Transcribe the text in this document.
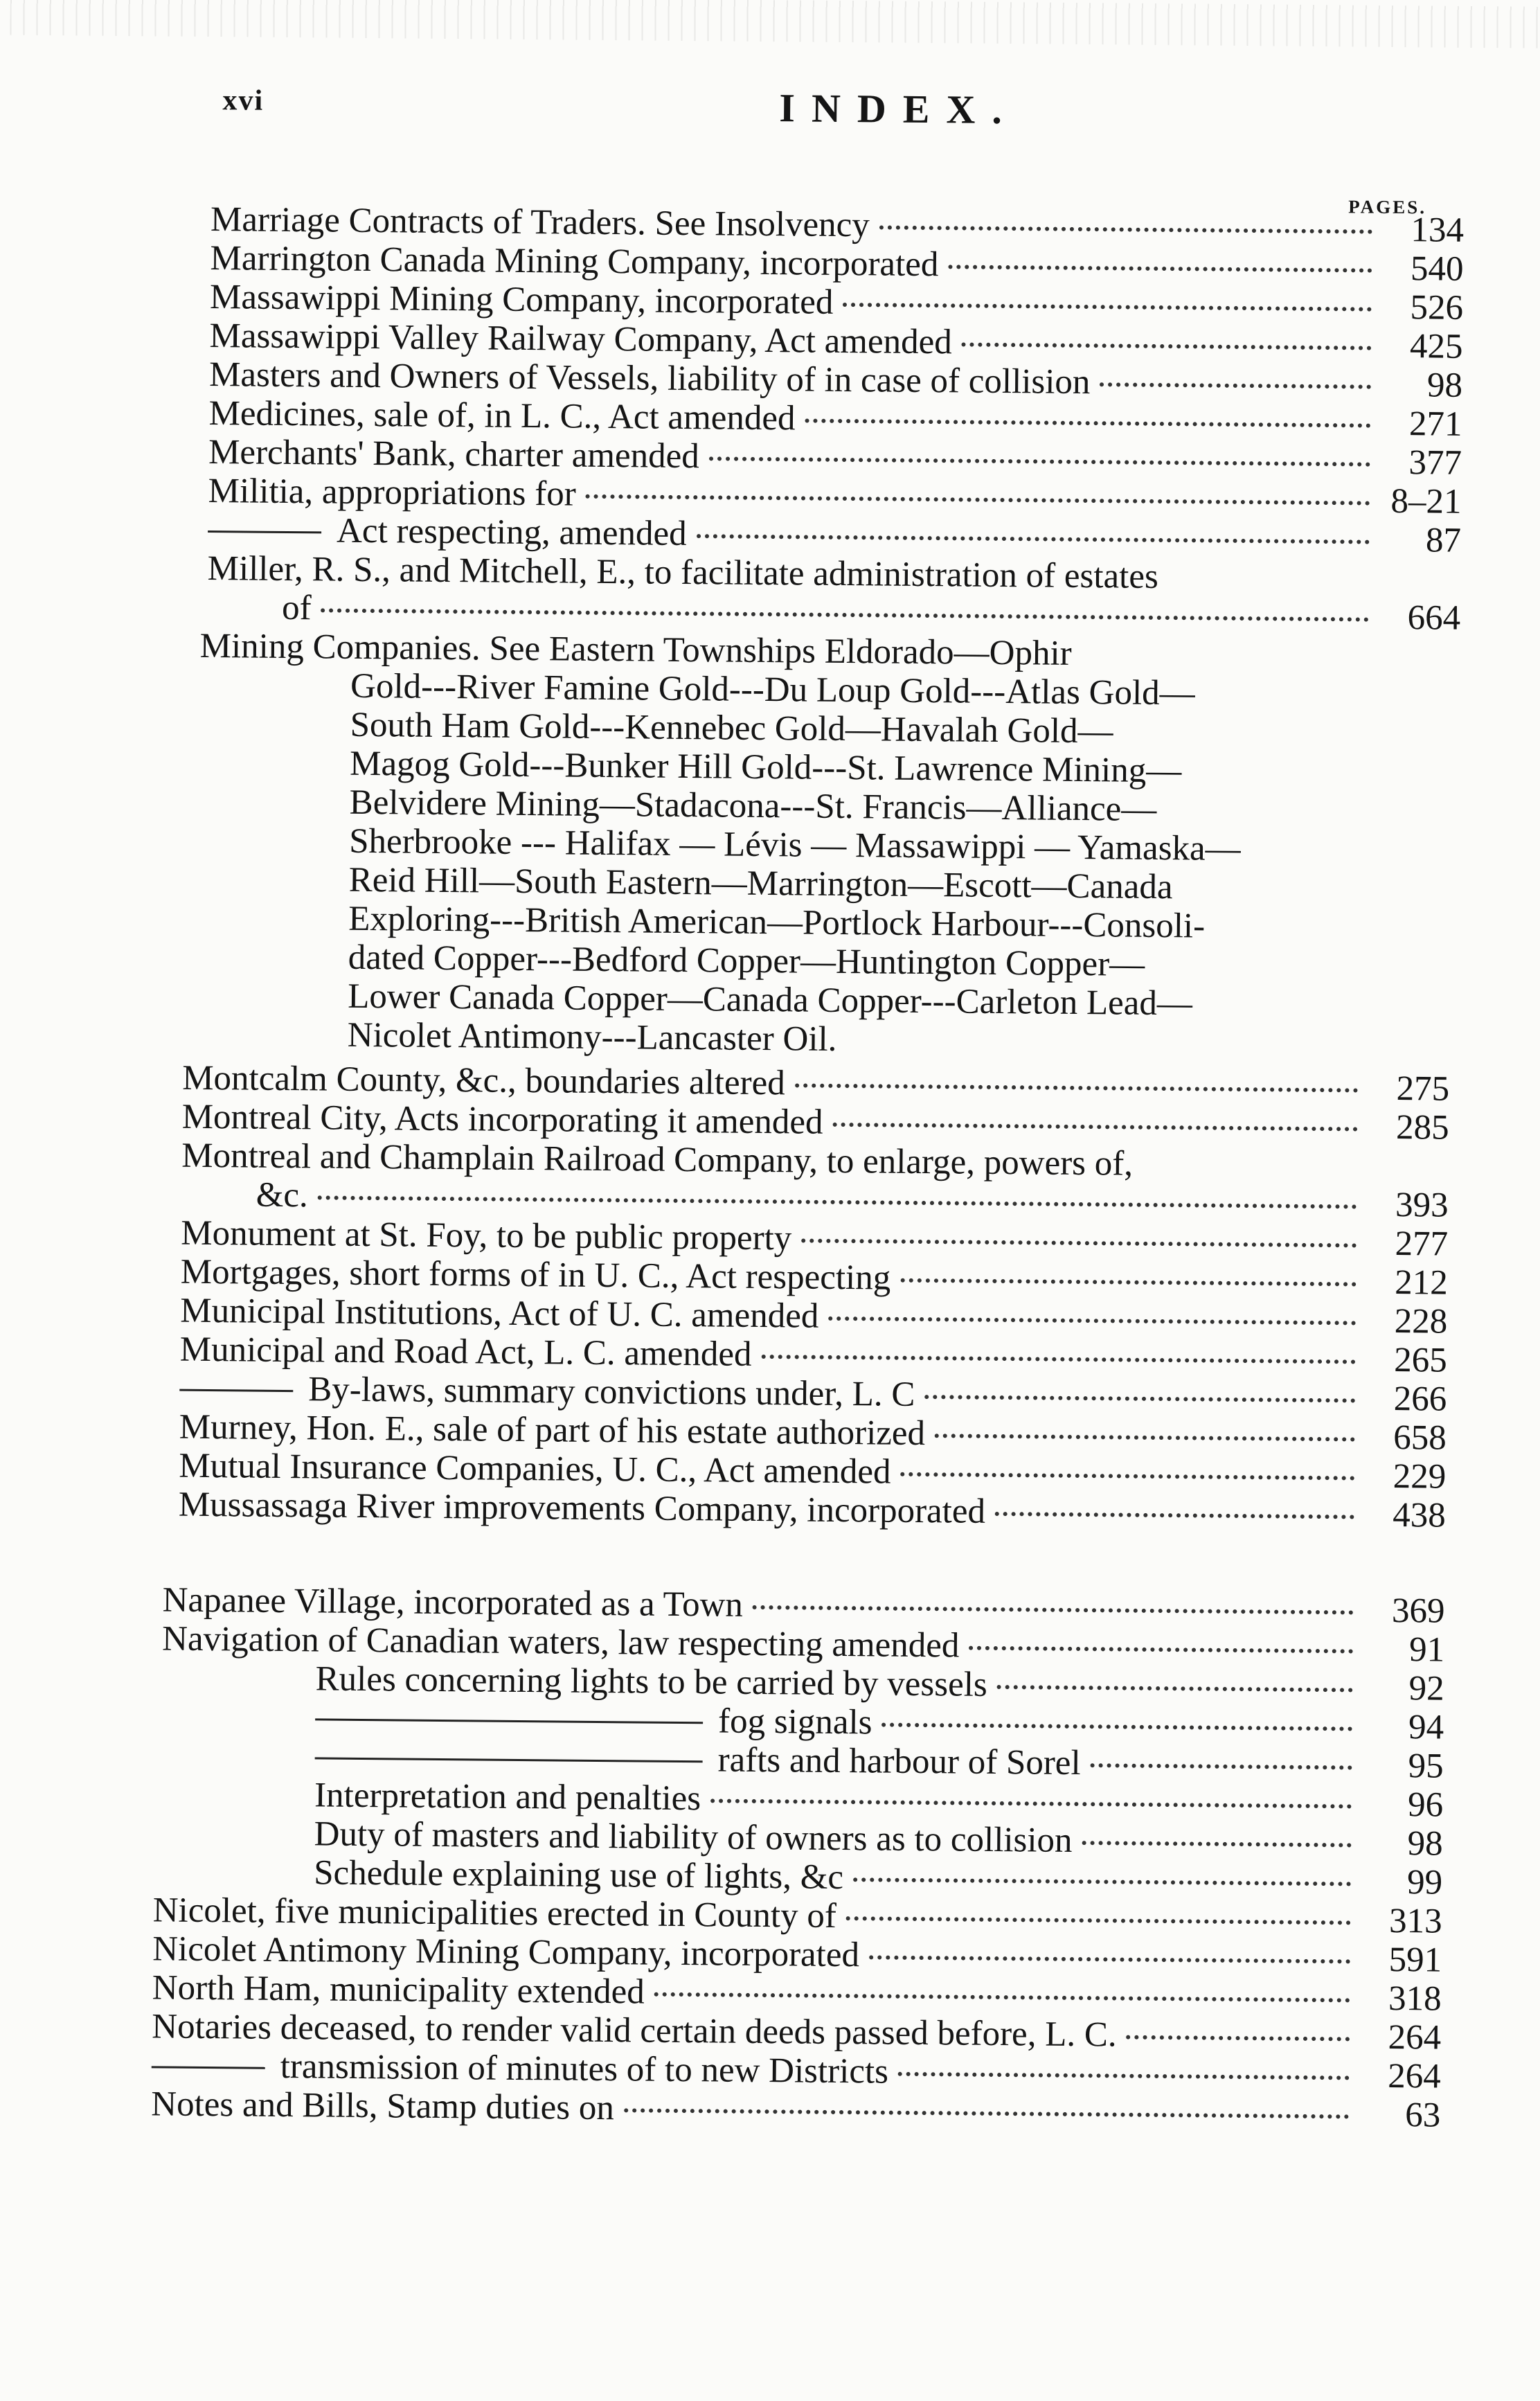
xvi	INDEX.
PAGES.
Marriage Contracts of Traders. See Insolvency	134
Marrington Canada Mining Company, incorporated	540
Massawippi Mining Company, incorporated	526
Massawippi Valley Railway Company, Act amended	425
Masters and Owners of Vessels, liability of in case of collision	98
Medicines, sale of, in L. C., Act amended	271
Merchants' Bank, charter amended	377
Militia, appropriations for	8–21
Act respecting, amended	87
Miller, R. S., and Mitchell, E., to facilitate administration of estates
of	664
Mining Companies. See Eastern Townships Eldorado—Ophir
Gold---River Famine Gold---Du Loup Gold---Atlas Gold—
South Ham Gold---Kennebec Gold—Havalah Gold—
Magog Gold---Bunker Hill Gold---St. Lawrence Mining—
Belvidere Mining—Stadacona---St. Francis—Alliance—
Sherbrooke --- Halifax — Lévis — Massawippi — Yamaska—
Reid Hill—South Eastern—Marrington—Escott—Canada
Exploring---British American—Portlock Harbour---Consoli-
dated Copper---Bedford Copper—Huntington Copper—
Lower Canada Copper—Canada Copper---Carleton Lead—
Nicolet Antimony---Lancaster Oil.
Montcalm County, &c., boundaries altered	275
Montreal City, Acts incorporating it amended	285
Montreal and Champlain Railroad Company, to enlarge, powers of,
&c.	393
Monument at St. Foy, to be public property	277
Mortgages, short forms of in U. C., Act respecting	212
Municipal Institutions, Act of U. C. amended	228
Municipal and Road Act, L. C. amended	265
By-laws, summary convictions under, L. C	266
Murney, Hon. E., sale of part of his estate authorized	658
Mutual Insurance Companies, U. C., Act amended	229
Mussassaga River improvements Company, incorporated	438
Napanee Village, incorporated as a Town	369
Navigation of Canadian waters, law respecting amended	91
Rules concerning lights to be carried by vessels	92
fog signals	94
rafts and harbour of Sorel	95
Interpretation and penalties	96
Duty of masters and liability of owners as to collision	98
Schedule explaining use of lights, &c	99
Nicolet, five municipalities erected in County of	313
Nicolet Antimony Mining Company, incorporated	591
North Ham, municipality extended	318
Notaries deceased, to render valid certain deeds passed before, L. C.	264
transmission of minutes of to new Districts	264
Notes and Bills, Stamp duties on	63
